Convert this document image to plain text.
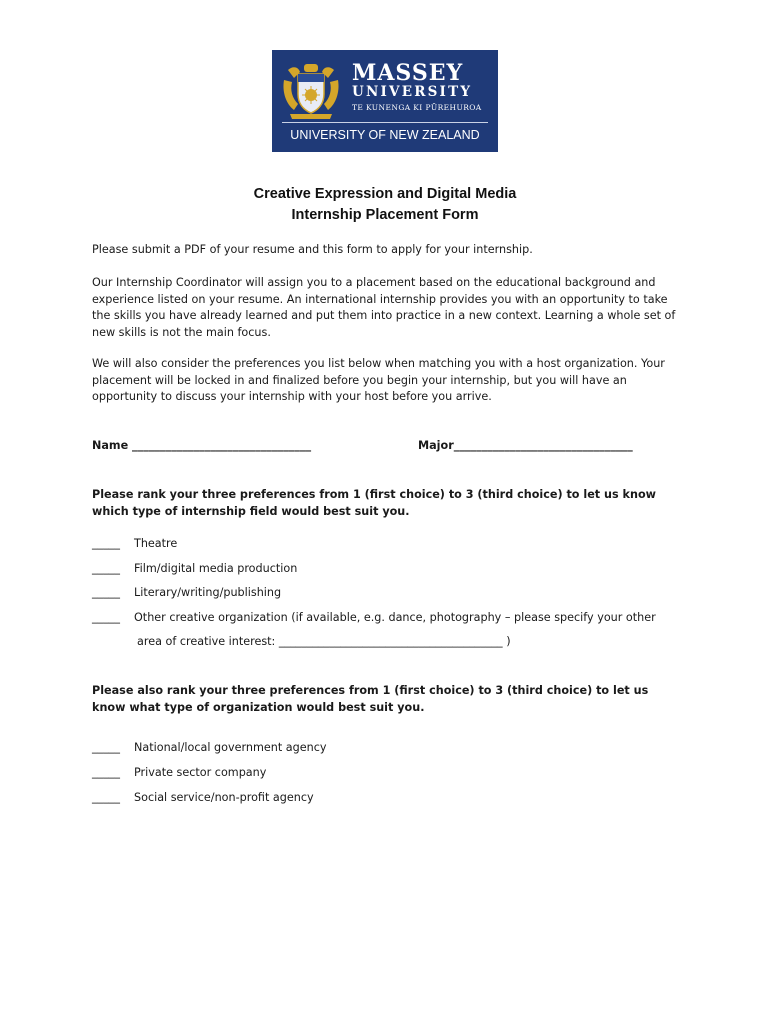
MASSEY
UNIVERSITY
TE KUNENGA KI PŪREHUROA
UNIVERSITY OF NEW ZEALAND
Creative Expression and Digital Media
Internship Placement Form
Please submit a PDF of your resume and this form to apply for your internship.
Our Internship Coordinator will assign you to a placement based on the educational background and experience listed on your resume. An international internship provides you with an opportunity to take the skills you have already learned and put them into practice in a new context. Learning a whole set of new skills is not the main focus.
We will also consider the preferences you list below when matching you with a host organization. Your placement will be locked in and finalized before you begin your internship, but you will have an opportunity to discuss your internship with your host before you arrive.
Name ________________________________	Major________________________________
Please rank your three preferences from 1 (first choice) to 3 (third choice) to let us know which type of internship field would best suit you.
_____ Theatre
_____ Film/digital media production
_____ Literary/writing/publishing
_____ Other creative organization (if available, e.g. dance, photography – please specify your other
area of creative interest: ________________________________________ )
Please also rank your three preferences from 1 (first choice) to 3 (third choice) to let us know what type of organization would best suit you.
_____ National/local government agency
_____ Private sector company
_____ Social service/non-profit agency
